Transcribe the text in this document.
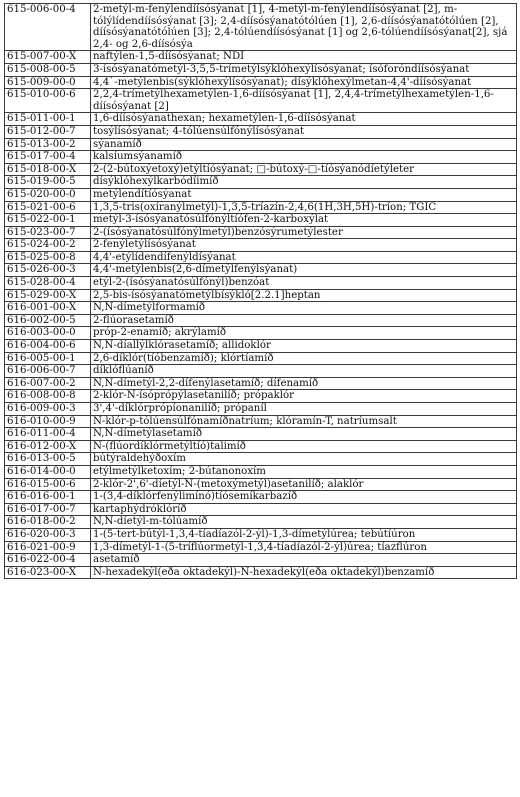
615-006-00-4	2-metýl-m-fenýlendíísósýanat [1], 4-metýl-m-fenýlendíísósýanat [2], m-tólýlídendíísósýanat [3]; 2,4-díísósýanatótólúen [1], 2,6-díísósýanatótólúen [2], díísósýanatótólúen [3]; 2,4-tólúendíísósýanat [1] og 2,6-tólúendíísósýanat[2], sjá 2,4- og 2,6-díísósýa
615-007-00-X	naftýlen-1,5-díísósýanat; NDI
615-008-00-5	3-ísósýanatómetýl-3,5,5-trímetýlsýklóhexýlísósýanat; ísóforóndíísósýanat
615-009-00-0	4,4`-metýlenbis(sýklóhexýlísósýanat); dísýklóhexýlmetan-4,4'-díísósýanat
615-010-00-6	2,2,4-trímetýlhexametýlen-1,6-díísósýanat [1], 2,4,4-trímetýlhexametýlen-1,6-díísósýanat [2]
615-011-00-1	1,6-díísósýanathexan; hexametýlen-1,6-díísósýanat
615-012-00-7	tosýlísósýanat; 4-tólúensúlfónýlísósýanat
615-013-00-2	sýanamíð
615-017-00-4	kalsíumsýanamíð
615-018-00-X	2-(2-bútoxýetoxý)etýltíósýanat; □-bútoxý-□-tíósýanódíetýleter
615-019-00-5	dísýklóhexýlkarbódíimíð
615-020-00-0	metýlendítíósýanat
615-021-00-6	1,3,5-tris(oxíranýlmetýl)-1,3,5-tríazín-2,4,6(1H,3H,5H)-tríon; TGIC
615-022-00-1	metýl-3-ísósýanatósúlfónýltíófen-2-karboxýlat
615-023-00-7	2-(ísósýanatósúlfónýlmetýl)benzósýrumetýlester
615-024-00-2	2-fenýletýlísósýanat
615-025-00-8	4,4'-etýlídendífenýldísýanat
615-026-00-3	4,4'-metýlenbis(2,6-dímetýlfenýlsýanat)
615-028-00-4	etýl-2-(ísósýanatósúlfónýl)benzóat
615-029-00-X	2,5-bis-ísósýanatómetýlbísýkló[2.2.1]heptan
616-001-00-X	N,N-dímetýlformamíð
616-002-00-5	2-flúorasetamíð
616-003-00-0	próp-2-enamíð; akrýlamíð
616-004-00-6	N,N-díallýlklórasetamíð; allidoklór
616-005-00-1	2,6-díklór(tíóbenzamíð); klórtíamíð
616-006-00-7	díklóflúaníð
616-007-00-2	N,N-dímetýl-2,2-dífenýlasetamíð; dífenamíð
616-008-00-8	2-klór-N-ísóprópýlasetanilíð; própaklór
616-009-00-3	3',4'-díklórprópíonanilíð; própaníl
616-010-00-9	N-klór-p-tólúensúlfónamíðnatríum; klóramín-T, natríumsalt
616-011-00-4	N,N-dímetýlasetamíð
616-012-00-X	N-(flúordíklórmetýltíó)talimíð
616-013-00-5	bútýraldehýðoxím
616-014-00-0	etýlmetýlketoxím; 2-bútanonoxím
616-015-00-6	2-klór-2',6'-díetýl-N-(metoxýmetýl)asetanilíð; alaklór
616-016-00-1	1-(3,4-díklórfenýlimínó)tíósemíkarbazíð
616-017-00-7	kartaphýdróklóríð
616-018-00-2	N,N-díetýl-m-tólúamíð
616-020-00-3	1-(5-tert-bútýl-1,3,4-tíadíazól-2-ýl)-1,3-dímetýlúrea; tebútíúron
616-021-00-9	1,3-dímetýl-1-(5-tríflúormetýl-1,3,4-tíadíazól-2-ýl)úrea; tíazflúron
616-022-00-4	asetamíð
616-023-00-X	N-hexadekýl(eða oktadekýl)-N-hexadekýl(eða oktadekýl)benzamíð
